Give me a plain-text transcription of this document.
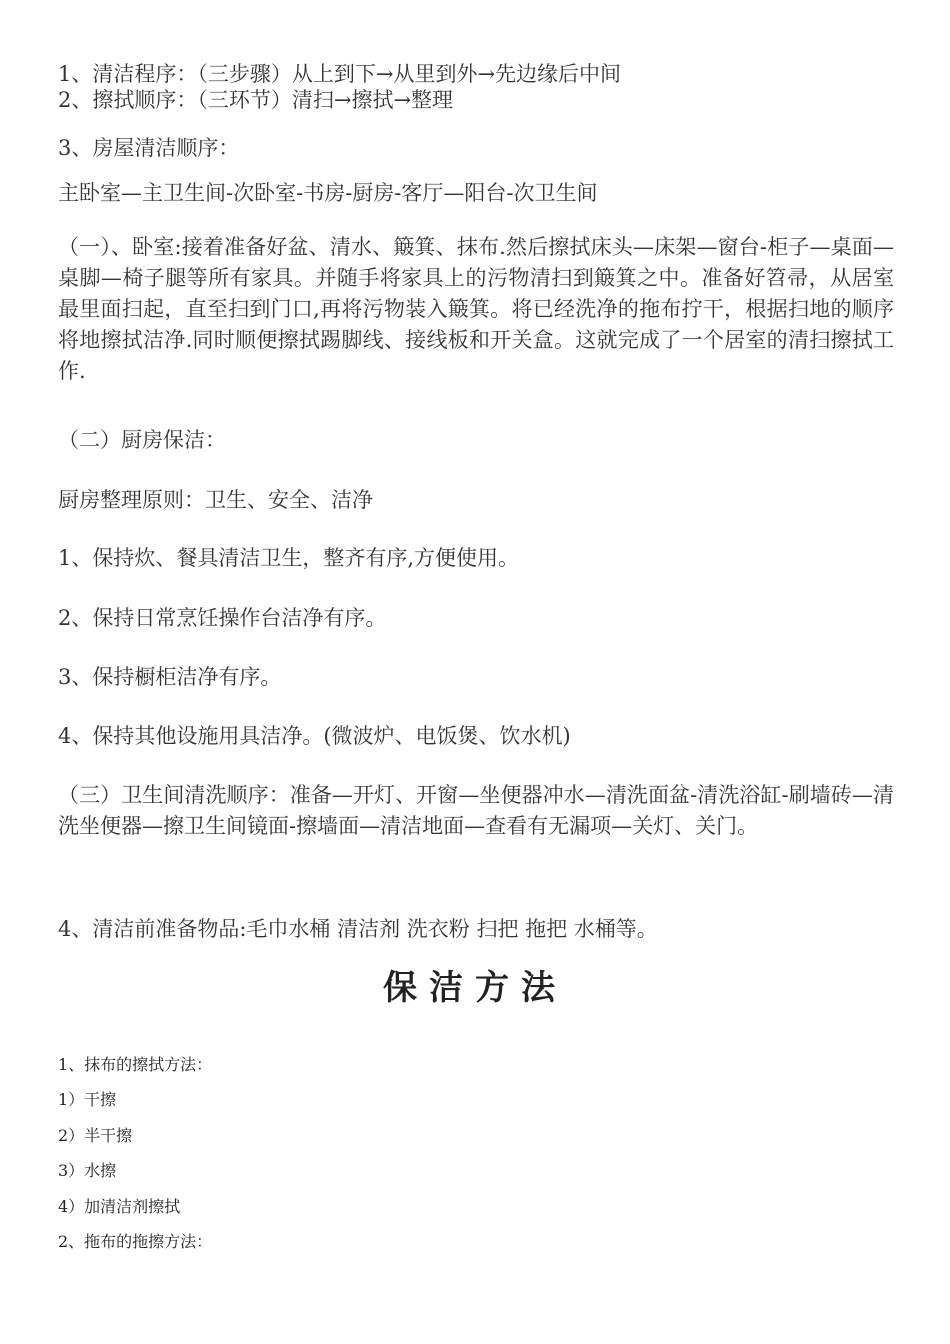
1、清洁程序：（三步骤）从上到下→从里到外→先边缘后中间
2、擦拭顺序：（三环节）清扫→擦拭→整理
3、房屋清洁顺序：
主卧室—主卫生间-次卧室-书房-厨房-客厅—阳台-次卫生间
（一）、卧室:接着准备好盆、清水、簸箕、抹布.然后擦拭床头—床架—窗台-柜子—桌面—桌脚—椅子腿等所有家具。并随手将家具上的污物清扫到簸箕之中。准备好笤帚，从居室最里面扫起，直至扫到门口,再将污物装入簸箕。将已经洗净的拖布拧干，根据扫地的顺序将地擦拭洁净.同时顺便擦拭踢脚线、接线板和开关盒。这就完成了一个居室的清扫擦拭工作.
（二）厨房保洁：
厨房整理原则：卫生、安全、洁净
1、保持炊、餐具清洁卫生，整齐有序,方便使用。
2、保持日常烹饪操作台洁净有序。
3、保持橱柜洁净有序。
4、保持其他设施用具洁净。(微波炉、电饭煲、饮水机)
（三）卫生间清洗顺序：准备—开灯、开窗—坐便器冲水—清洗面盆-清洗浴缸-刷墙砖—清洗坐便器—擦卫生间镜面-擦墙面—清洁地面—查看有无漏项—关灯、关门。
4、清洁前准备物品:毛巾水桶 清洁剂 洗衣粉 扫把 拖把 水桶等。
保洁方法
1、抹布的擦拭方法：
1）干擦
2）半干擦
3）水擦
4）加清洁剂擦拭
2、拖布的拖擦方法：
